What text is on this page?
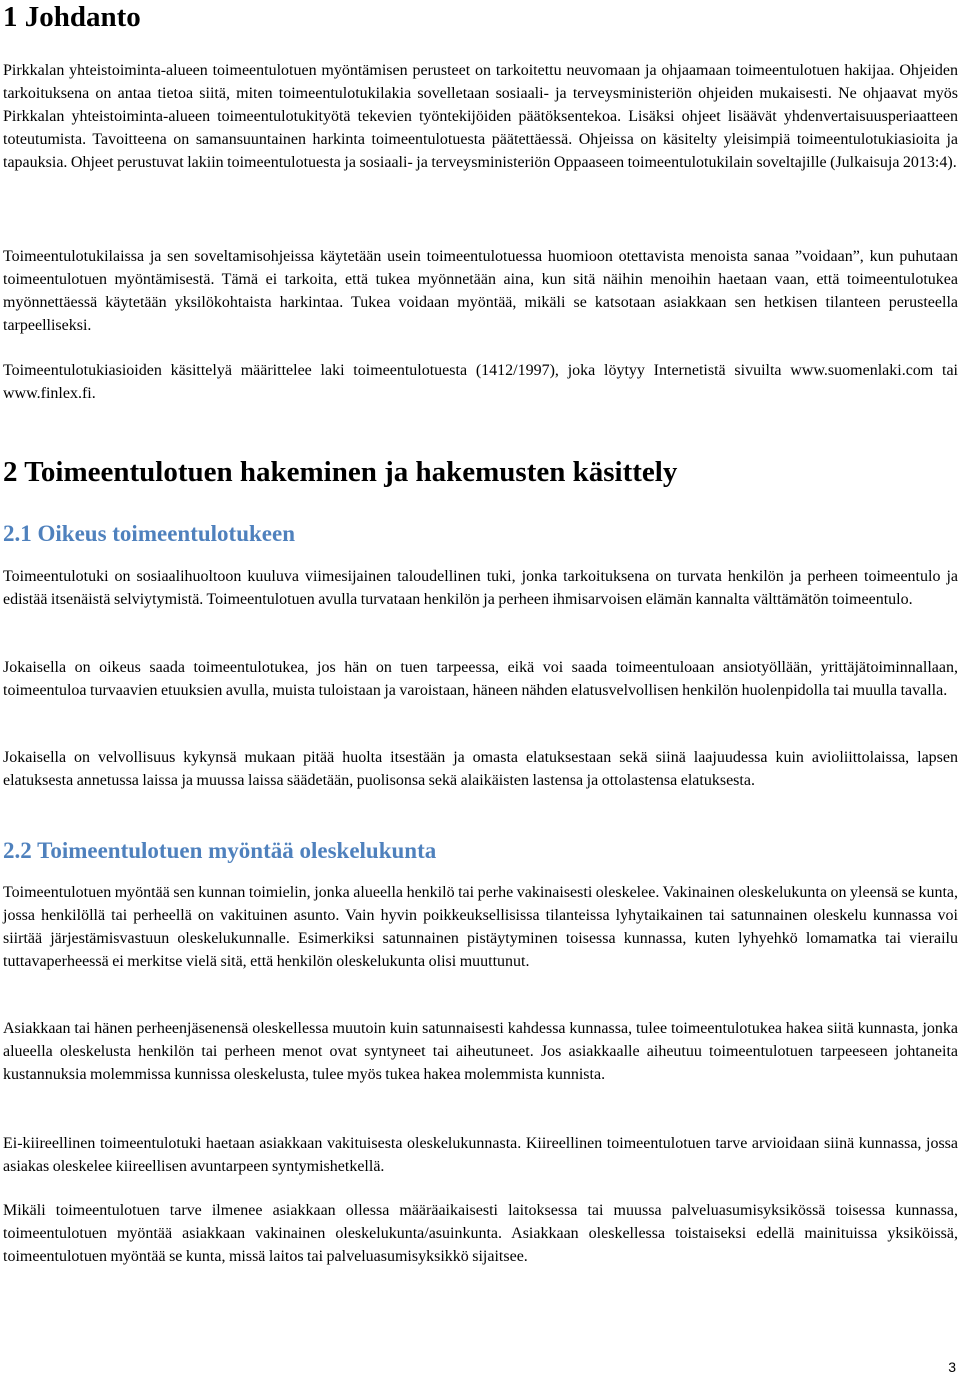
1 Johdanto

Pirkkalan yhteistoiminta-alueen toimeentulotuen myöntämisen perusteet on tarkoitettu neuvomaan ja ohjaamaan toimeentulotuen hakijaa. Ohjeiden tarkoituksena on antaa tietoa siitä, miten toimeentulotukilakia sovelletaan sosiaali- ja terveysministeriön ohjeiden mukaisesti. Ne ohjaavat myös Pirkkalan yhteistoiminta-alueen toimeentulotukityötä tekevien työntekijöiden päätöksentekoa. Lisäksi ohjeet lisäävät yhdenvertaisuusperiaatteen toteutumista. Tavoitteena on samansuuntainen harkinta toimeentulotuesta päätettäessä. Ohjeissa on käsitelty yleisimpiä toimeentulotukiasioita ja tapauksia. Ohjeet perustuvat lakiin toimeentulotuesta ja sosiaali- ja terveysministeriön Oppaaseen toimeentulotukilain soveltajille (Julkaisuja 2013:4).

Toimeentulotukilaissa ja sen soveltamisohjeissa käytetään usein toimeentulotuessa huomioon otettavista menoista sanaa ”voidaan”, kun puhutaan toimeentulotuen myöntämisestä. Tämä ei tarkoita, että tukea myönnetään aina, kun sitä näihin menoihin haetaan vaan, että toimeentulotukea myönnettäessä käytetään yksilökohtaista harkintaa. Tukea voidaan myöntää, mikäli se katsotaan asiakkaan sen hetkisen tilanteen perusteella tarpeelliseksi.

Toimeentulotukiasioiden käsittelyä määrittelee laki toimeentulotuesta (1412/1997), joka löytyy Internetistä sivuilta www.suomenlaki.com tai www.finlex.fi.

2 Toimeentulotuen hakeminen ja hakemusten käsittely
2.1 Oikeus toimeentulotukeen

Toimeentulotuki on sosiaalihuoltoon kuuluva viimesijainen taloudellinen tuki, jonka tarkoituksena on turvata henkilön ja perheen toimeentulo ja edistää itsenäistä selviytymistä. Toimeentulotuen avulla turvataan henkilön ja perheen ihmisarvoisen elämän kannalta välttämätön toimeentulo.

Jokaisella on oikeus saada toimeentulotukea, jos hän on tuen tarpeessa, eikä voi saada toimeentuloaan ansiotyöllään, yrittäjätoiminnallaan, toimeentuloa turvaavien etuuksien avulla, muista tuloistaan ja varoistaan, häneen nähden elatusvelvollisen henkilön huolenpidolla tai muulla tavalla.

Jokaisella on velvollisuus kykynsä mukaan pitää huolta itsestään ja omasta elatuksestaan sekä siinä laajuudessa kuin avioliittolaissa, lapsen elatuksesta annetussa laissa ja muussa laissa säädetään, puolisonsa sekä alaikäisten lastensa ja ottolastensa elatuksesta.

2.2 Toimeentulotuen myöntää oleskelukunta

Toimeentulotuen myöntää sen kunnan toimielin, jonka alueella henkilö tai perhe vakinaisesti oleskelee. Vakinainen oleskelukunta on yleensä se kunta, jossa henkilöllä tai perheellä on vakituinen asunto. Vain hyvin poikkeuksellisissa tilanteissa lyhytaikainen tai satunnainen oleskelu kunnassa voi siirtää järjestämisvastuun oleskelukunnalle. Esimerkiksi satunnainen pistäytyminen toisessa kunnassa, kuten lyhyehkö lomamatka tai vierailu tuttavaperheessä ei merkitse vielä sitä, että henkilön oleskelukunta olisi muuttunut.

Asiakkaan tai hänen perheenjäsenensä oleskellessa muutoin kuin satunnaisesti kahdessa kunnassa, tulee toimeentulotukea hakea siitä kunnasta, jonka alueella oleskelusta henkilön tai perheen menot ovat syntyneet tai aiheutuneet. Jos asiakkaalle aiheutuu toimeentulotuen tarpeeseen johtaneita kustannuksia molemmissa kunnissa oleskelusta, tulee myös tukea hakea molemmista kunnista.

Ei-kiireellinen toimeentulotuki haetaan asiakkaan vakituisesta oleskelukunnasta. Kiireellinen toimeentulotuen tarve arvioidaan siinä kunnassa, jossa asiakas oleskelee kiireellisen avuntarpeen syntymishetkellä.

Mikäli toimeentulotuen tarve ilmenee asiakkaan ollessa määräaikaisesti laitoksessa tai muussa palveluasumisyksikössä toisessa kunnassa, toimeentulotuen myöntää asiakkaan vakinainen oleskelukunta/asuinkunta. Asiakkaan oleskellessa toistaiseksi edellä mainituissa yksiköissä, toimeentulotuen myöntää se kunta, missä laitos tai palveluasumisyksikkö sijaitsee.

3
